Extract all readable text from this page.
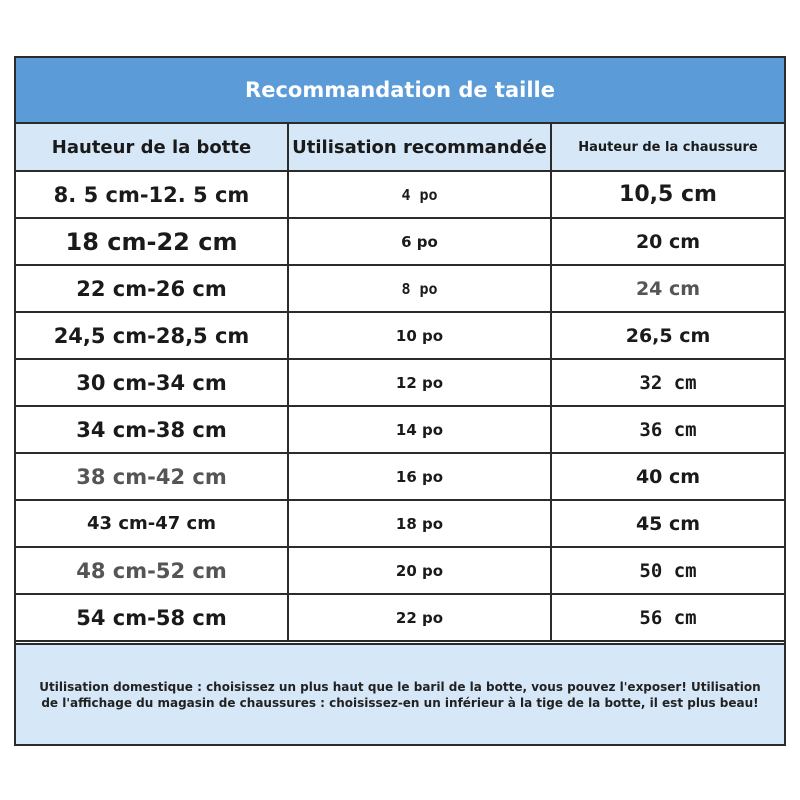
Recommandation de taille
Hauteur de la botte	Utilisation recommandée	Hauteur de la chaussure
8. 5 cm-12. 5 cm	4 po	10,5 cm
18 cm-22 cm	6 po	20 cm
22 cm-26 cm	8 po	24 cm
24,5 cm-28,5 cm	10 po	26,5 cm
30 cm-34 cm	12 po	32 cm
34 cm-38 cm	14 po	36 cm
38 cm-42 cm	16 po	40 cm
43 cm-47 cm	18 po	45 cm
48 cm-52 cm	20 po	50 cm
54 cm-58 cm	22 po	56 cm

Utilisation domestique : choisissez un plus haut que le baril de la botte, vous pouvez l'exposer! Utilisation de l'affichage du magasin de chaussures : choisissez-en un inférieur à la tige de la botte, il est plus beau!
